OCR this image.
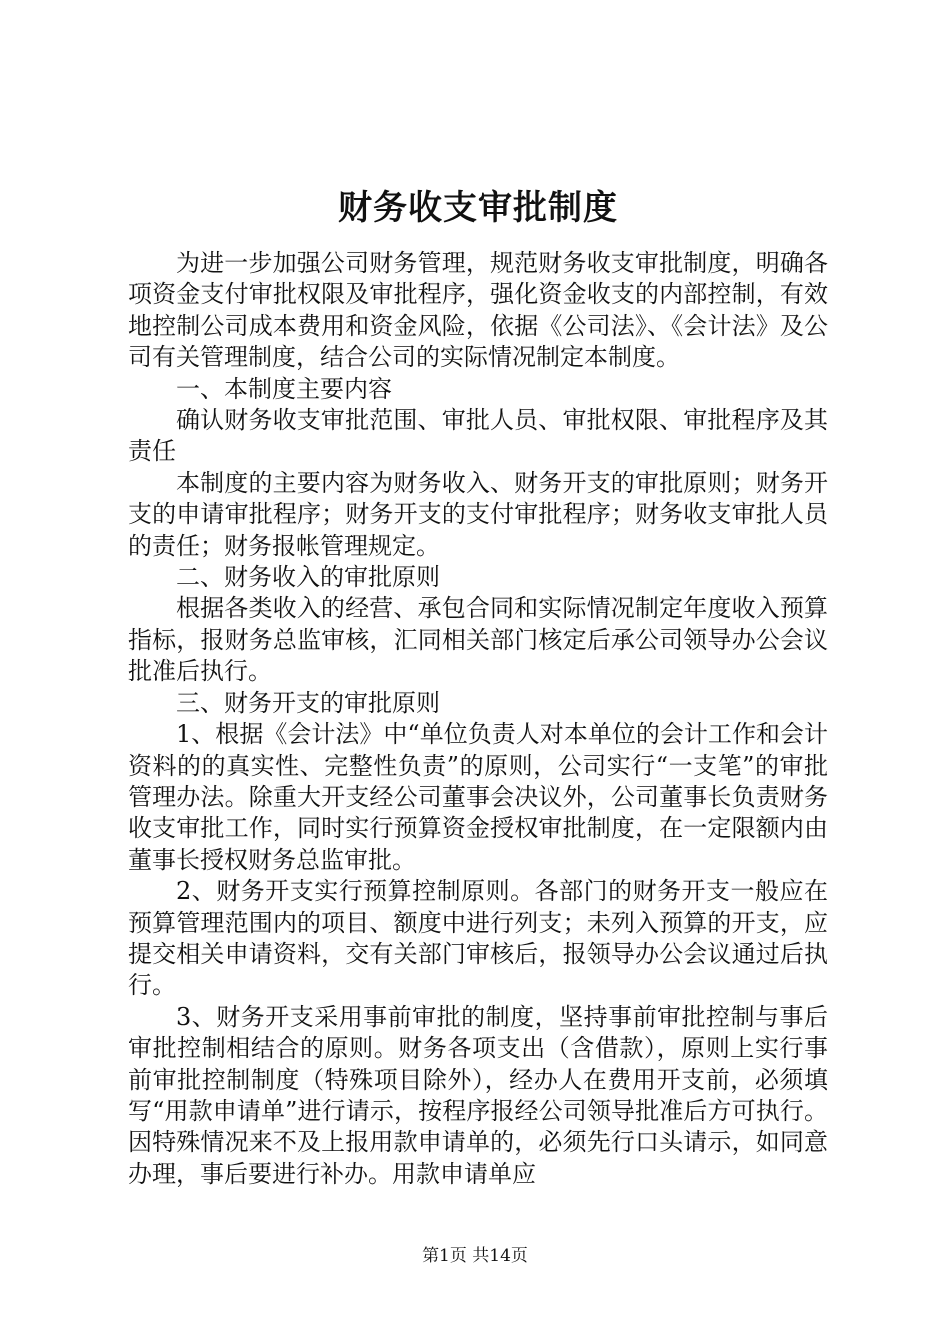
财务收支审批制度

为进一步加强公司财务管理，规范财务收支审批制度，明确各项资金支付审批权限及审批程序，强化资金收支的内部控制，有效地控制公司成本费用和资金风险，依据《公司法》、《会计法》及公司有关管理制度，结合公司的实际情况制定本制度。

一、本制度主要内容

确认财务收支审批范围、审批人员、审批权限、审批程序及其责任

本制度的主要内容为财务收入、财务开支的审批原则；财务开支的申请审批程序；财务开支的支付审批程序；财务收支审批人员的责任；财务报帐管理规定。

二、财务收入的审批原则

根据各类收入的经营、承包合同和实际情况制定年度收入预算指标，报财务总监审核，汇同相关部门核定后承公司领导办公会议批准后执行。

三、财务开支的审批原则

1、根据《会计法》中“单位负责人对本单位的会计工作和会计资料的的真实性、完整性负责”的原则，公司实行“一支笔”的审批管理办法。除重大开支经公司董事会决议外，公司董事长负责财务收支审批工作，同时实行预算资金授权审批制度，在一定限额内由董事长授权财务总监审批。

2、财务开支实行预算控制原则。各部门的财务开支一般应在预算管理范围内的项目、额度中进行列支；未列入预算的开支，应提交相关申请资料，交有关部门审核后，报领导办公会议通过后执行。

3、财务开支采用事前审批的制度，坚持事前审批控制与事后审批控制相结合的原则。财务各项支出（含借款），原则上实行事前审批控制制度（特殊项目除外），经办人在费用开支前，必须填写“用款申请单”进行请示，按程序报经公司领导批准后方可执行。因特殊情况来不及上报用款申请单的，必须先行口头请示，如同意办理，事后要进行补办。用款申请单应

第1页 共14页
